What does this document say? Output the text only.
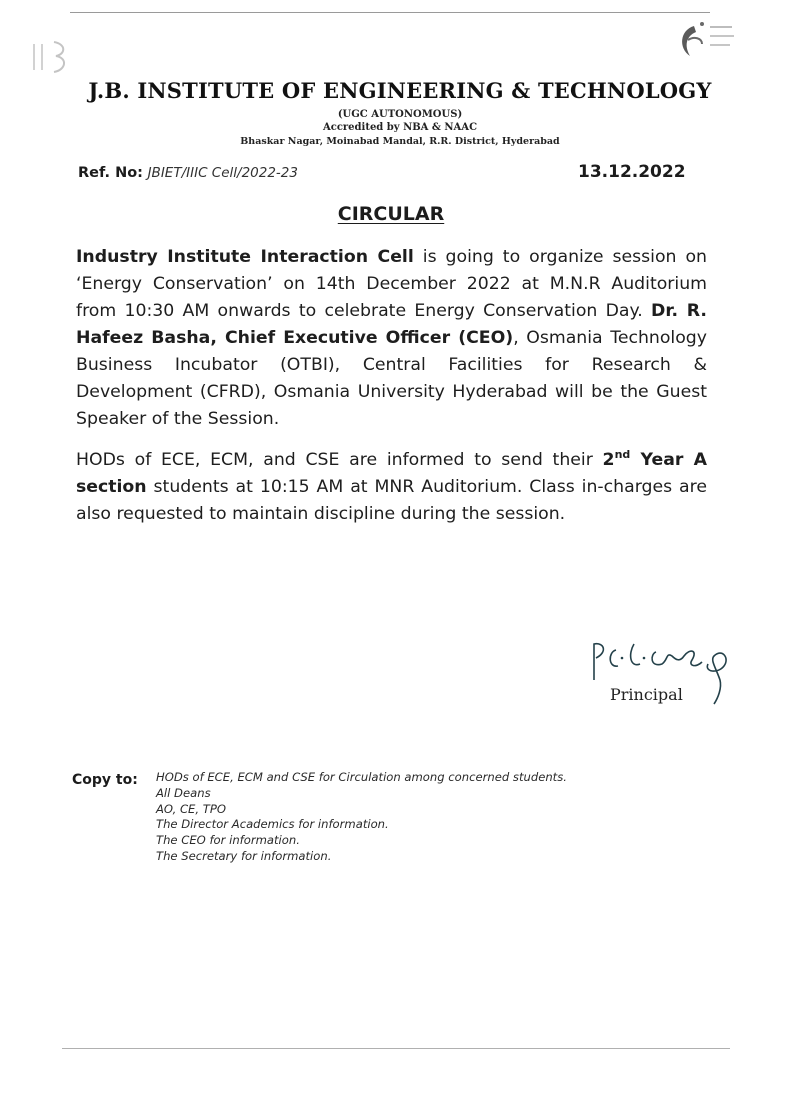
J.B. INSTITUTE OF ENGINEERING & TECHNOLOGY
(UGC AUTONOMOUS)
Accredited by NBA & NAAC
Bhaskar Nagar, Moinabad Mandal, R.R. District, Hyderabad
Ref. No: JBIET/IIIC Cell/2022-23	13.12.2022
CIRCULAR
Industry Institute Interaction Cell is going to organize session on ‘Energy Conservation’ on 14th December 2022 at M.N.R Auditorium from 10:30 AM onwards to celebrate Energy Conservation Day. Dr. R. Hafeez Basha, Chief Executive Officer (CEO), Osmania Technology Business Incubator (OTBI), Central Facilities for Research & Development (CFRD), Osmania University Hyderabad will be the Guest Speaker of the Session.
HODs of ECE, ECM, and CSE are informed to send their 2nd Year A section students at 10:15 AM at MNR Auditorium. Class in-charges are also requested to maintain discipline during the session.
Principal
Copy to: HODs of ECE, ECM and CSE for Circulation among concerned students.
All Deans
AO, CE, TPO
The Director Academics for information.
The CEO for information.
The Secretary for information.
